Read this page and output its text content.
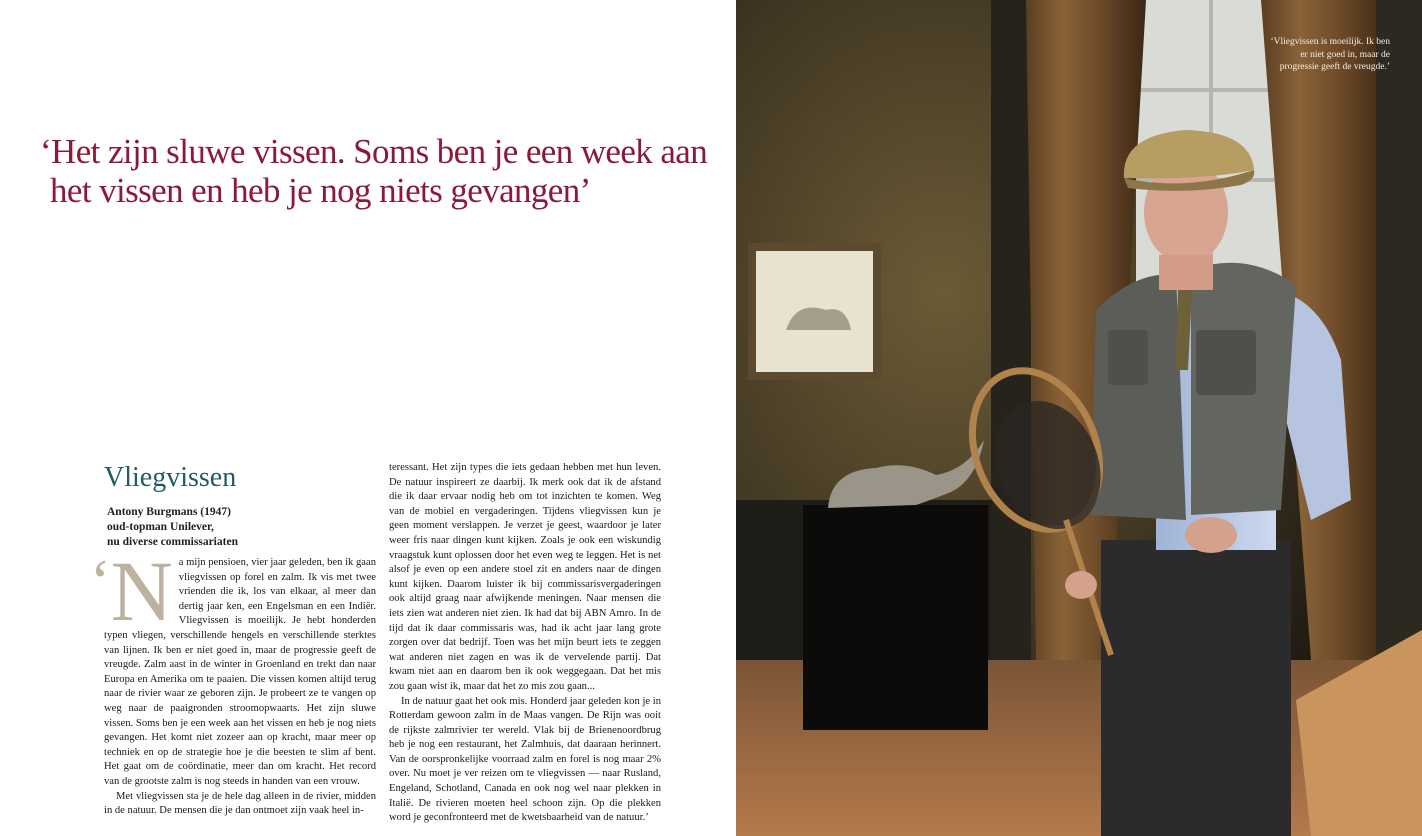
‘Het zijn sluwe vissen. Soms ben je een week aan
het vissen en heb je nog niets gevangen’
Vliegvissen
Antony Burgmans (1947)
oud-topman Unilever,
nu diverse commissariaten

‘ N a mijn pensioen, vier jaar geleden, ben ik gaan vliegvissen op forel en zalm. Ik vis met twee vrienden die ik, los van elkaar, al meer dan dertig jaar ken, een Engelsman en een Indiër. Vliegvissen is moeilijk. Je hebt honderden typen vliegen, verschillende hengels en verschillende sterktes van lijnen. Ik ben er niet goed in, maar de progressie geeft de vreugde. Zalm aast in de winter in Groenland en trekt dan naar Europa en Amerika om te paaien. Die vissen komen altijd terug naar de rivier waar ze geboren zijn. Je probeert ze te vangen op weg naar de paaigronden stroomopwaarts. Het zijn sluwe vissen. Soms ben je een week aan het vissen en heb je nog niets gevangen. Het komt niet zozeer aan op kracht, maar meer op techniek en op de strategie hoe je die beesten te slim af bent. Het gaat om de coördinatie, meer dan om kracht. Het record van de grootste zalm is nog steeds in handen van een vrouw.

Met vliegvissen sta je de hele dag alleen in de rivier, midden in de natuur. De mensen die je dan ontmoet zijn vaak heel in-

teressant. Het zijn types die iets gedaan hebben met hun leven. De natuur inspireert ze daarbij. Ik merk ook dat ik de afstand die ik daar ervaar nodig heb om tot inzichten te komen. Weg van de mobiel en vergaderingen. Tijdens vliegvissen kun je geen moment verslappen. Je verzet je geest, waardoor je later weer fris naar dingen kunt kijken. Zoals je ook een wiskundig vraagstuk kunt oplossen door het even weg te leggen. Het is net alsof je even op een andere stoel zit en anders naar de dingen kunt kijken. Daarom luister ik bij commissarisvergaderingen ook altijd graag naar afwijkende meningen. Naar mensen die iets zien wat anderen niet zien. Ik had dat bij ABN Amro. In de tijd dat ik daar commissaris was, had ik acht jaar lang grote zorgen over dat bedrijf. Toen was het mijn beurt iets te zeggen wat anderen niet zagen en was ik de vervelende partij. Dat kwam niet aan en daarom ben ik ook weggegaan. Dat het mis zou gaan wist ik, maar dat het zo mis zou gaan...

In de natuur gaat het ook mis. Honderd jaar geleden kon je in Rotterdam gewoon zalm in de Maas vangen. De Rijn was ooit de rijkste zalmrivier ter wereld. Vlak bij de Brienenoordbrug heb je nog een restaurant, het Zalmhuis, dat daaraan herinnert. Van de oorspronkelijke voorraad zalm en forel is nog maar 2% over. Nu moet je ver reizen om te vliegvissen — naar Rusland, Engeland, Schotland, Canada en ook nog wel naar plekken in Italië. De rivieren moeten heel schoon zijn. Op die plekken word je geconfronteerd met de kwetsbaarheid van de natuur.’

‘Vliegvissen is moeilijk. Ik ben er niet goed in, maar de progressie geeft de vreugde.’
